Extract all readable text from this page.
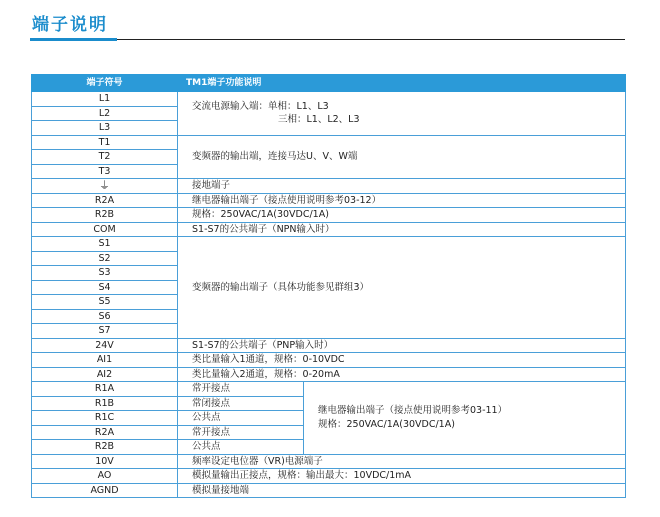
端子说明
端子符号	TM1端子功能说明	
L1	交流电源输入端：单相：L1、L3
三相：L1、L2、L3	

L2		
L3		
T1	变频器的输出端，连接马达U、V、W端	
T2		
T3		
⏚	接地端子	
R2A	继电器输出端子（接点使用说明参考03-12）	
R2B	规格：250VAC/1A(30VDC/1A)	
COM	S1-S7的公共端子（NPN输入时）	
S1	变频器的输出端子（具体功能参见群组3）	
S2		
S3		
S4		
S5		
S6		
S7		
24V	S1-S7的公共端子（PNP输入时）	
AI1	类比量输入1通道，规格：0-10VDC	
AI2	类比量输入2通道，规格：0-20mA	
R1A	常开接点	继电器输出端子（接点使用说明参考03-11）
规格：250VAC/1A(30VDC/1A)

R1B	常闭接点	
R1C	公共点	
R2A	常开接点	
R2B	公共点	
10V	频率设定电位器（VR)电源端子	
AO	模拟量输出正接点，规格：输出最大：10VDC/1mA	
AGND	模拟量接地端	
